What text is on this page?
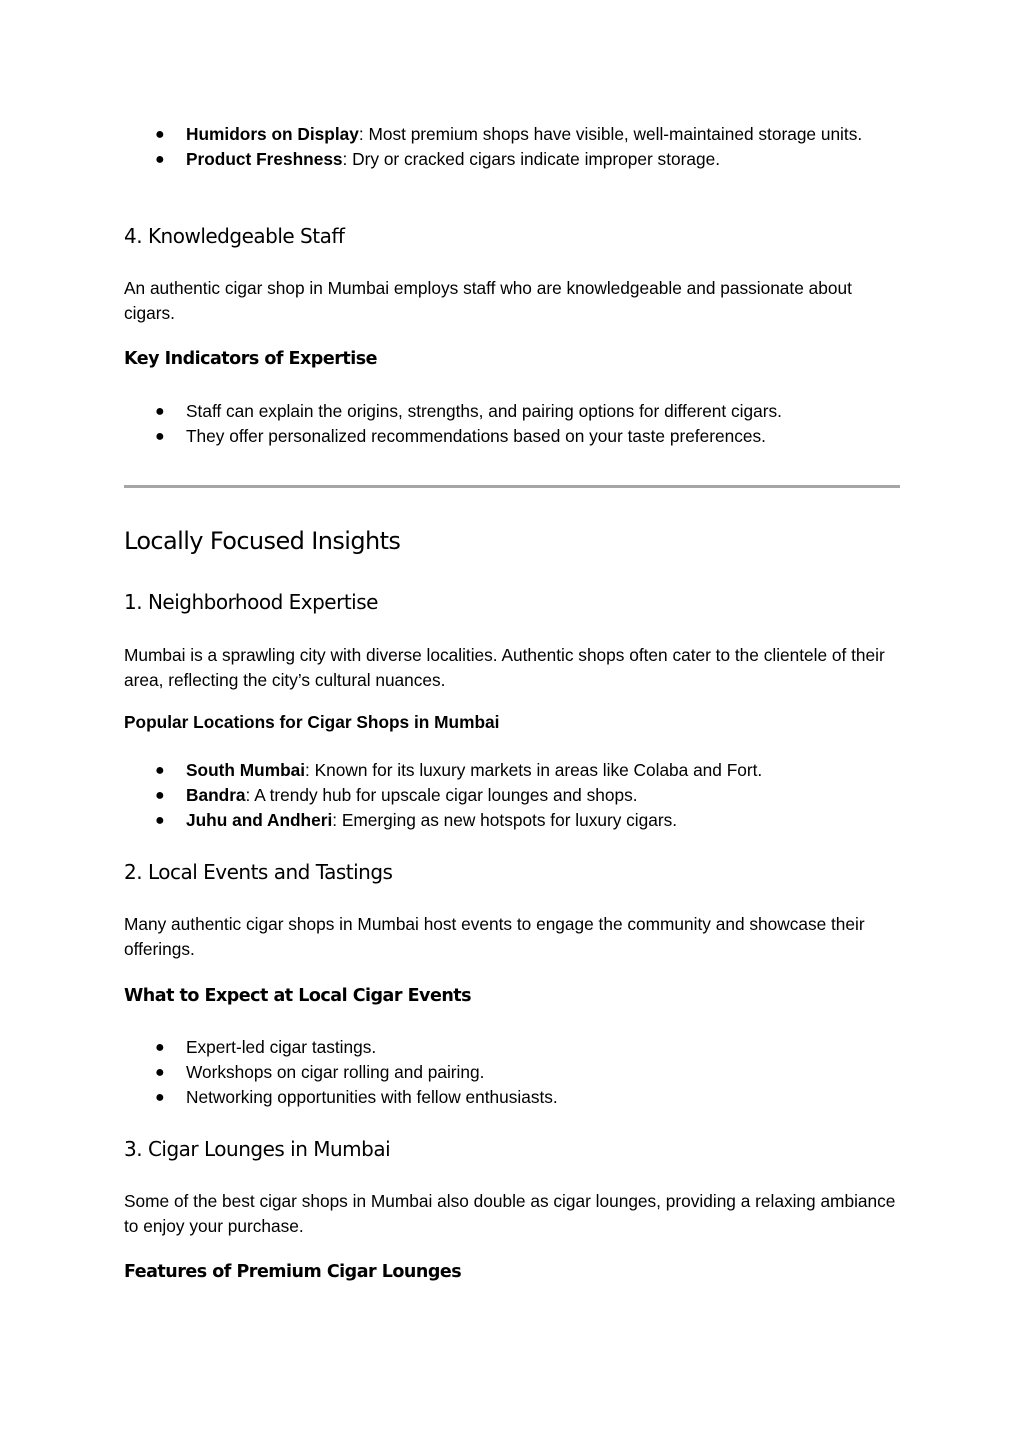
● Humidors on Display: Most premium shops have visible, well-maintained storage units.
● Product Freshness: Dry or cracked cigars indicate improper storage.
4. Knowledgeable Staff

An authentic cigar shop in Mumbai employs staff who are knowledgeable and passionate about cigars.

Key Indicators of Expertise
● Staff can explain the origins, strengths, and pairing options for different cigars.
● They offer personalized recommendations based on your taste preferences.
Locally Focused Insights
1. Neighborhood Expertise

Mumbai is a sprawling city with diverse localities. Authentic shops often cater to the clientele of their area, reflecting the city’s cultural nuances.

Popular Locations for Cigar Shops in Mumbai
● South Mumbai: Known for its luxury markets in areas like Colaba and Fort.
● Bandra: A trendy hub for upscale cigar lounges and shops.
● Juhu and Andheri: Emerging as new hotspots for luxury cigars.
2. Local Events and Tastings

Many authentic cigar shops in Mumbai host events to engage the community and showcase their offerings.

What to Expect at Local Cigar Events
● Expert-led cigar tastings.
● Workshops on cigar rolling and pairing.
● Networking opportunities with fellow enthusiasts.
3. Cigar Lounges in Mumbai

Some of the best cigar shops in Mumbai also double as cigar lounges, providing a relaxing ambiance to enjoy your purchase.

Features of Premium Cigar Lounges
